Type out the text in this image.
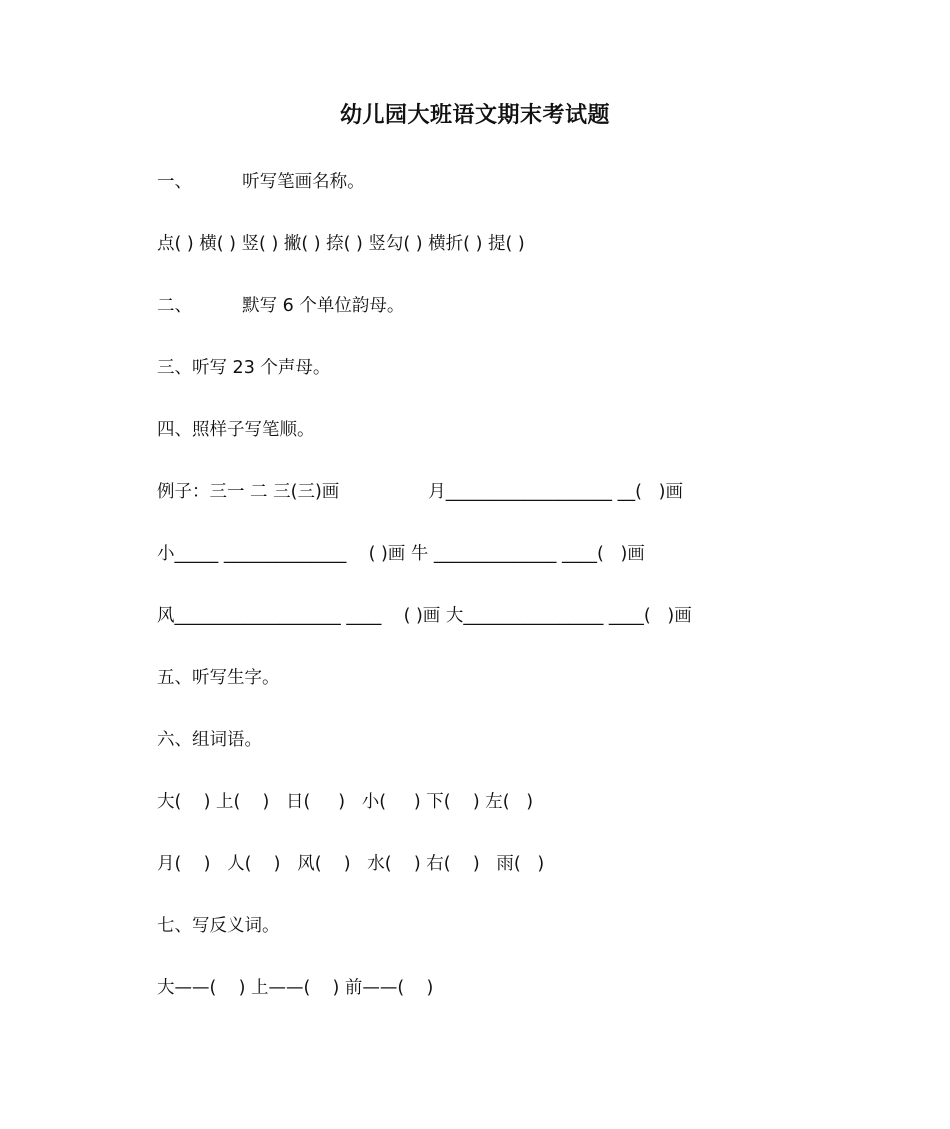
幼儿园大班语文期末考试题
一、         听写笔画名称。
点( ) 横( ) 竖( ) 撇( ) 捺( ) 竖勾( ) 横折( ) 提( )
二、         默写 6 个单位韵母。
三、听写 23 个声母。
四、照样子写笔顺。
例子：三一 二 三(三)画                月___________________ __(   )画
小_____ ______________    ( )画 牛 ______________ ____(   )画
风___________________ ____    ( )画 大________________ ____(   )画
五、听写生字。
六、组词语。
大(    ) 上(    )   日(     )   小(     ) 下(    ) 左(   )
月(    )   人(    )   风(    )   水(    ) 右(    )   雨(   )
七、写反义词。
大——(    ) 上——(    ) 前——(    )
